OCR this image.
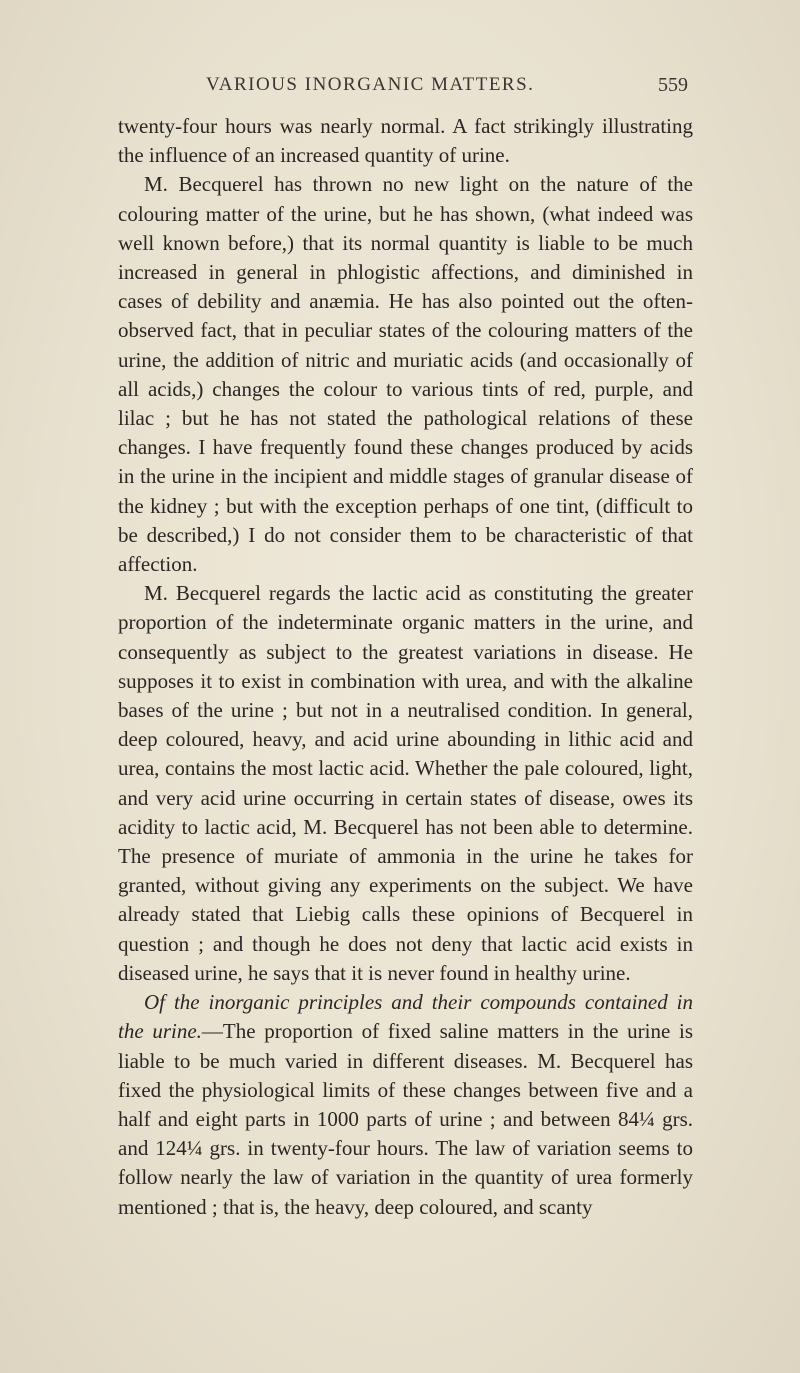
VARIOUS INORGANIC MATTERS.	559

twenty-four hours was nearly normal. A fact strikingly illustrating the influence of an increased quantity of urine.

M. Becquerel has thrown no new light on the nature of the colouring matter of the urine, but he has shown, (what indeed was well known before,) that its normal quantity is liable to be much increased in general in phlogistic affections, and diminished in cases of debility and anæmia. He has also pointed out the often-observed fact, that in peculiar states of the colouring matters of the urine, the addition of nitric and muriatic acids (and occasionally of all acids,) changes the colour to various tints of red, purple, and lilac ; but he has not stated the pathological relations of these changes. I have frequently found these changes produced by acids in the urine in the incipient and middle stages of granular disease of the kidney ; but with the exception perhaps of one tint, (difficult to be described,) I do not consider them to be characteristic of that affection.

M. Becquerel regards the lactic acid as constituting the greater proportion of the indeterminate organic matters in the urine, and consequently as subject to the greatest variations in disease. He supposes it to exist in combination with urea, and with the alkaline bases of the urine ; but not in a neutralised condition. In general, deep coloured, heavy, and acid urine abounding in lithic acid and urea, contains the most lactic acid. Whether the pale coloured, light, and very acid urine occurring in certain states of disease, owes its acidity to lactic acid, M. Becquerel has not been able to determine. The presence of muriate of ammonia in the urine he takes for granted, without giving any experiments on the subject. We have already stated that Liebig calls these opinions of Becquerel in question ; and though he does not deny that lactic acid exists in diseased urine, he says that it is never found in healthy urine.

Of the inorganic principles and their compounds contained in the urine.—The proportion of fixed saline matters in the urine is liable to be much varied in different diseases. M. Becquerel has fixed the physiological limits of these changes between five and a half and eight parts in 1000 parts of urine ; and between 84¼ grs. and 124¼ grs. in twenty-four hours. The law of variation seems to follow nearly the law of variation in the quantity of urea formerly mentioned ; that is, the heavy, deep coloured, and scanty
